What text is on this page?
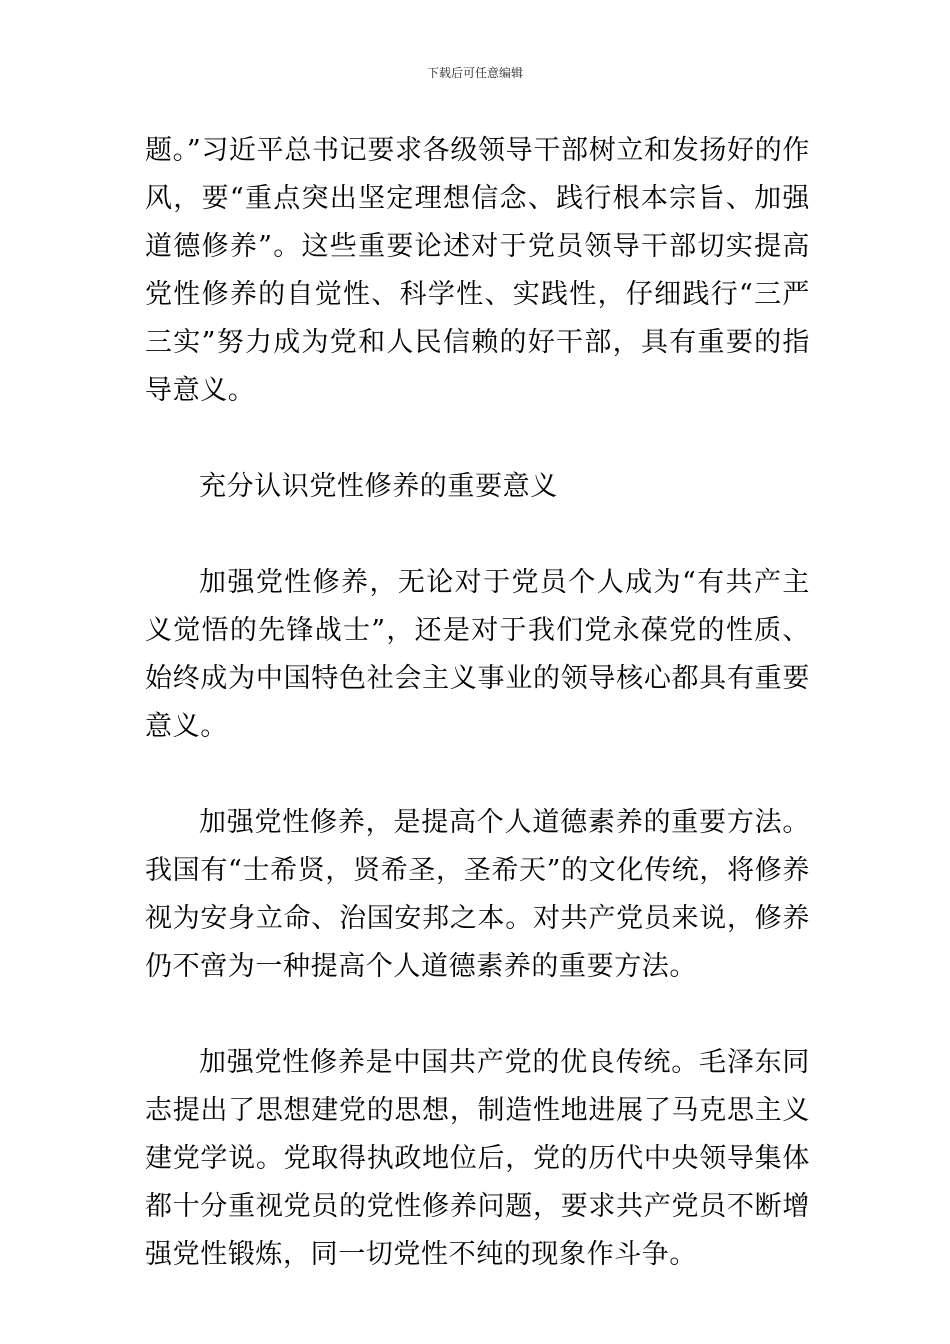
下载后可任意编辑

题。”习近平总书记要求各级领导干部树立和发扬好的作风，要“重点突出坚定理想信念、践行根本宗旨、加强道德修养”。这些重要论述对于党员领导干部切实提高党性修养的自觉性、科学性、实践性，仔细践行“三严三实”努力成为党和人民信赖的好干部，具有重要的指导意义。

充分认识党性修养的重要意义

加强党性修养，无论对于党员个人成为“有共产主义觉悟的先锋战士”，还是对于我们党永葆党的性质、始终成为中国特色社会主义事业的领导核心都具有重要意义。

加强党性修养，是提高个人道德素养的重要方法。我国有“士希贤，贤希圣，圣希天”的文化传统，将修养视为安身立命、治国安邦之本。对共产党员来说，修养仍不啻为一种提高个人道德素养的重要方法。

加强党性修养是中国共产党的优良传统。毛泽东同志提出了思想建党的思想，制造性地进展了马克思主义建党学说。党取得执政地位后，党的历代中央领导集体都十分重视党员的党性修养问题，要求共产党员不断增强党性锻炼，同一切党性不纯的现象作斗争。
